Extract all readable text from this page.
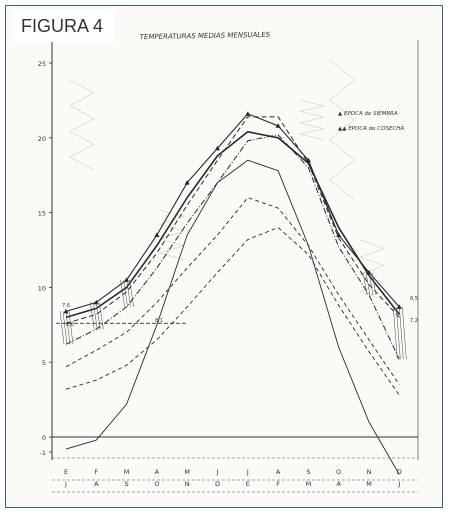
FIGURA 4
TEMPERATURAS MEDIAS MENSUALES
-1
0
5
10
15
20
25
E	F	M	A	M	J	J	A	S	O	N	D
J	A	S	O	N	D	E	F	M	A	M	J
▲ EPOCA de SIEMBRA
▲▲ EPOCA de COSECHA
7.6
8,6
8,5
7,2
8,1
